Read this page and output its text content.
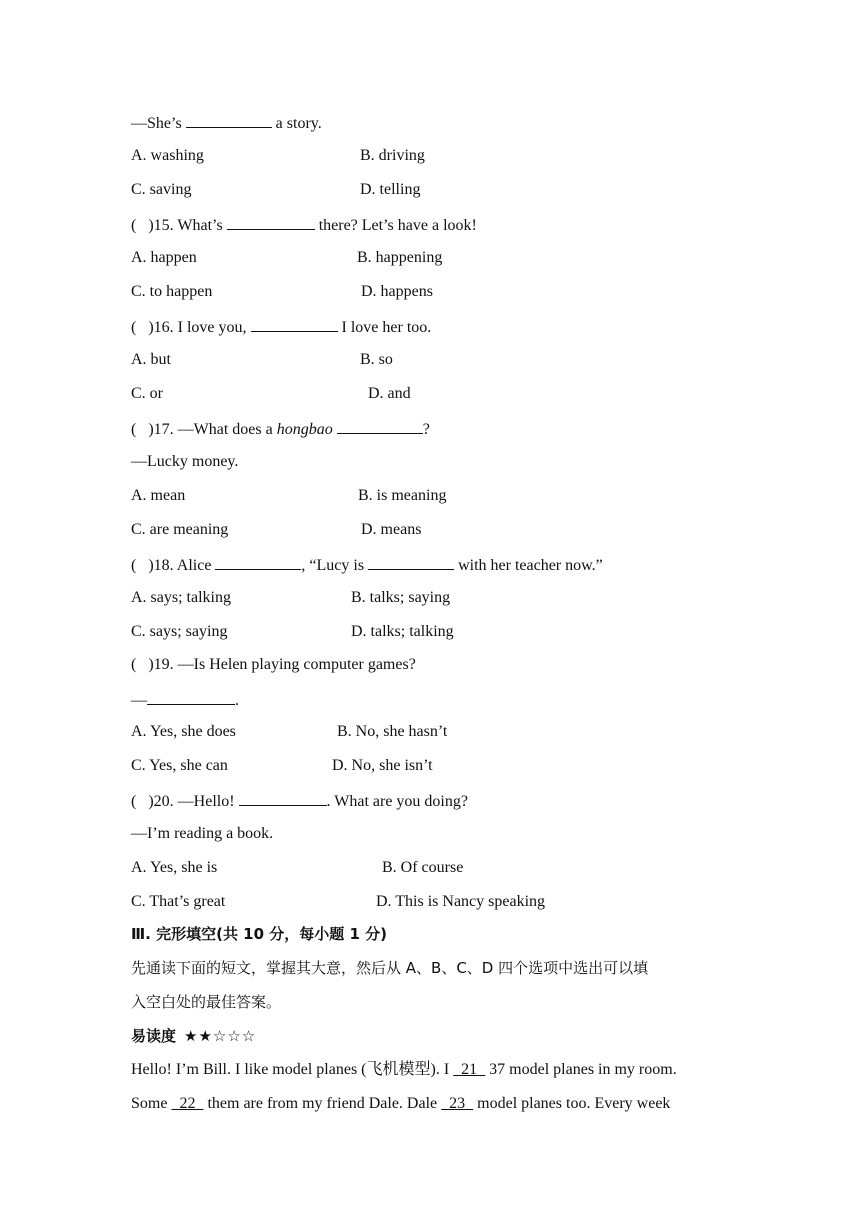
—She’s	a story.
A. washing	B. driving
C. saving	D. telling
(   )15. What’s	there? Let’s have a look!
A. happen	B. happening
C. to happen	D. happens
(   )16. I love you,	I love her too.
A. but	B. so
C. or	D. and
(   )17. —What does a hongbao	?
—Lucky money.
A. mean	B. is meaning
C. are meaning	D. means
(   )18. Alice	, “Lucy is	with her teacher now.”
A. says; talking	B. talks; saying
C. says; saying	D. talks; talking
(   )19. —Is Helen playing computer games?
—	.
A. Yes, she does	B. No, she hasn’t
C. Yes, she can	D. No, she isn’t
(   )20. —Hello!	. What are you doing?
—I’m reading a book.
A. Yes, she is	B. Of course
C. That’s great	D. This is Nancy speaking
Ⅲ. 完形填空(共 10 分，每小题 1 分)
先通读下面的短文，掌握其大意，然后从 A、B、C、D 四个选项中选出可以填
入空白处的最佳答案。
易读度 ★★☆☆☆
Hello! I’m Bill. I like model planes (飞机模型). I   21   37 model planes in my room.
Some   22   them are from my friend Dale. Dale   23   model planes too. Every week
